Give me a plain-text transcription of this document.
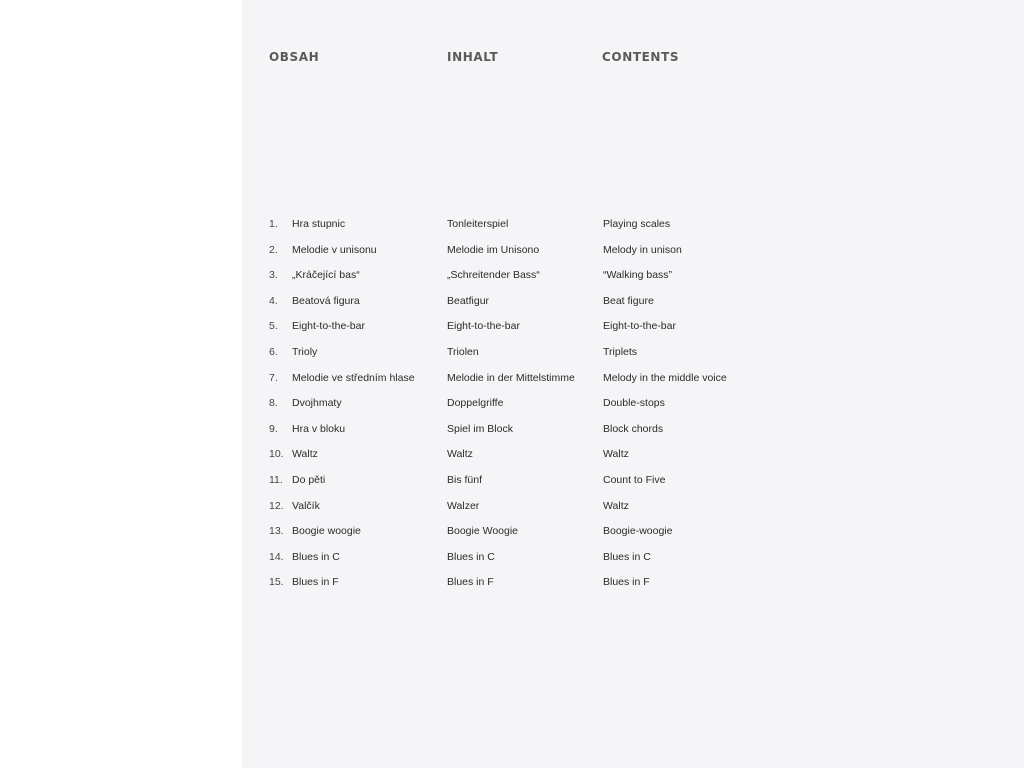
OBSAH	INHALT	CONTENTS
1. Hra stupnic	Tonleiterspiel	Playing scales
2. Melodie v unisonu	Melodie im Unisono	Melody in unison
3. „Kráčející bas“	„Schreitender Bass“	“Walking bass”
4. Beatová figura	Beatfigur	Beat figure
5. Eight-to-the-bar	Eight-to-the-bar	Eight-to-the-bar
6. Trioly	Triolen	Triplets
7. Melodie ve středním hlase	Melodie in der Mittelstimme	Melody in the middle voice
8. Dvojhmaty	Doppelgriffe	Double-stops
9. Hra v bloku	Spiel im Block	Block chords
10. Waltz	Waltz	Waltz
11. Do pěti	Bis fünf	Count to Five
12. Valčík	Walzer	Waltz
13. Boogie woogie	Boogie Woogie	Boogie-woogie
14. Blues in C	Blues in C	Blues in C
15. Blues in F	Blues in F	Blues in F
